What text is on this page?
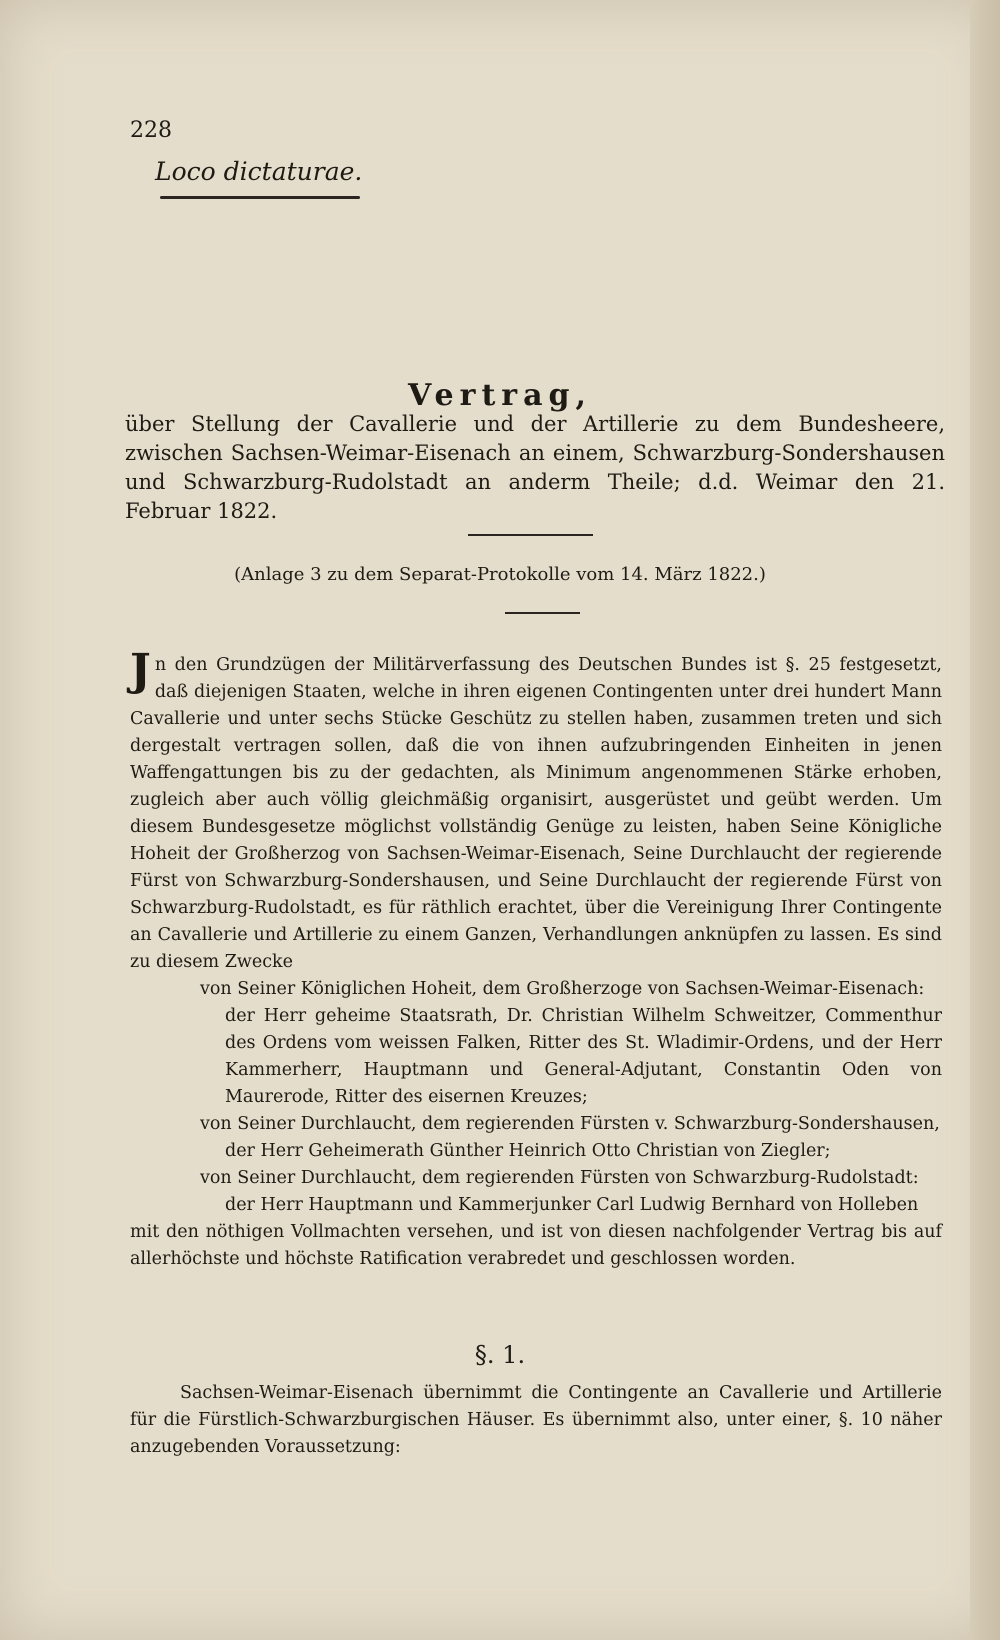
228
Loco dictaturae.
Vertrag,
über Stellung der Cavallerie und der Artillerie zu dem Bundesheere, zwischen Sachsen-Weimar-Eisenach an einem, Schwarzburg-Sondershausen und Schwarzburg-Rudolstadt an anderm Theile; d.d. Weimar den 21. Februar 1822.
(Anlage 3 zu dem Separat-Protokolle vom 14. März 1822.)

Jn den Grundzügen der Militärverfassung des Deutschen Bundes ist §. 25 festgesetzt, daß diejenigen Staaten, welche in ihren eigenen Contingenten unter drei hundert Mann Cavallerie und unter sechs Stücke Geschütz zu stellen haben, zusammen treten und sich dergestalt vertragen sollen, daß die von ihnen aufzubringenden Einheiten in jenen Waffengattungen bis zu der gedachten, als Minimum angenommenen Stärke erhoben, zugleich aber auch völlig gleichmäßig organisirt, ausgerüstet und geübt werden. Um diesem Bundesgesetze möglichst vollständig Genüge zu leisten, haben Seine Königliche Hoheit der Großherzog von Sachsen-Weimar-Eisenach, Seine Durchlaucht der regierende Fürst von Schwarzburg-Sondershausen, und Seine Durchlaucht der regierende Fürst von Schwarzburg-Rudolstadt, es für räthlich erachtet, über die Vereinigung Ihrer Contingente an Cavallerie und Artillerie zu einem Ganzen, Verhandlungen anknüpfen zu lassen. Es sind zu diesem Zwecke

von Seiner Königlichen Hoheit, dem Großherzoge von Sachsen-Weimar-Eisenach:

der Herr geheime Staatsrath, Dr. Christian Wilhelm Schweitzer, Commenthur des Ordens vom weissen Falken, Ritter des St. Wladimir-Ordens, und der Herr Kammerherr, Hauptmann und General-Adjutant, Constantin Oden von Maurerode, Ritter des eisernen Kreuzes;

von Seiner Durchlaucht, dem regierenden Fürsten v. Schwarzburg-Sondershausen,

der Herr Geheimerath Günther Heinrich Otto Christian von Ziegler;

von Seiner Durchlaucht, dem regierenden Fürsten von Schwarzburg-Rudolstadt:

der Herr Hauptmann und Kammerjunker Carl Ludwig Bernhard von Holleben

mit den nöthigen Vollmachten versehen, und ist von diesen nachfolgender Vertrag bis auf allerhöchste und höchste Ratification verabredet und geschlossen worden.

§. 1.

Sachsen-Weimar-Eisenach übernimmt die Contingente an Cavallerie und Artillerie für die Fürstlich-Schwarzburgischen Häuser. Es übernimmt also, unter einer, §. 10 näher anzugebenden Voraussetzung:
